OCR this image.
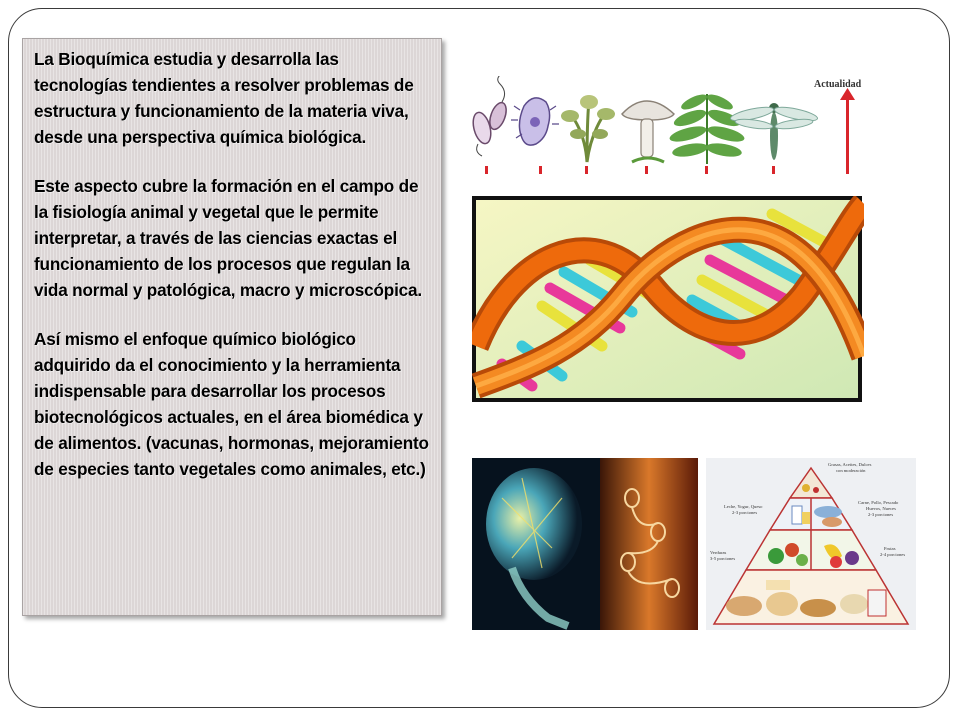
La Bioquímica estudia y desarrolla las tecnologías tendientes a resolver problemas de estructura y funcionamiento de la materia viva, desde una perspectiva química biológica.

Este aspecto cubre la formación en el campo de la fisiología animal y vegetal que le permite interpretar, a través de las ciencias exactas el funcionamiento de los procesos que regulan la vida normal y patológica, macro y microscópica.

Así mismo el enfoque químico biológico adquirido da el conocimiento y la herramienta indispensable para desarrollar los procesos biotecnológicos actuales, en el área biomédica y de alimentos. (vacunas, hormonas, mejoramiento de especies tanto vegetales como animales, etc.)

Actualidad
Grasas, Aceites, Dulces
con moderación
Leche, Yogur, Queso
2-3 porciones
Carne, Pollo, Pescado
Huevos, Nueces
2-3 porciones
Verduras
3-5 porciones
Frutas
2-4 porciones
